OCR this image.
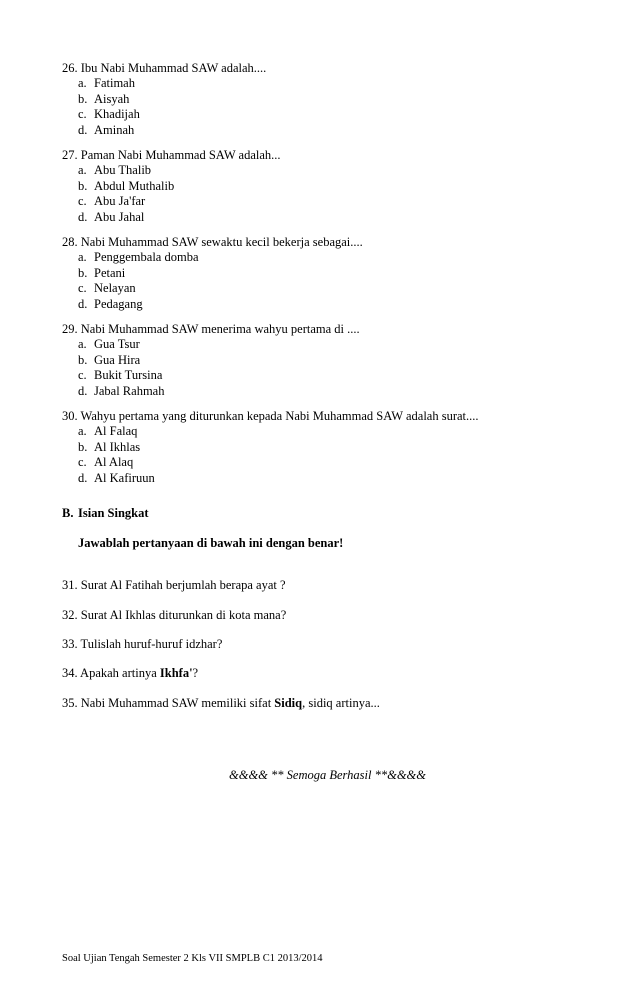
26. Ibu Nabi Muhammad SAW adalah....
a. Fatimah
b. Aisyah
c. Khadijah
d. Aminah
27. Paman Nabi Muhammad SAW adalah...
a. Abu Thalib
b. Abdul Muthalib
c. Abu Ja'far
d. Abu Jahal
28. Nabi Muhammad SAW sewaktu kecil bekerja sebagai....
a. Penggembala domba
b. Petani
c. Nelayan
d. Pedagang
29. Nabi Muhammad SAW menerima wahyu pertama di ....
a. Gua Tsur
b. Gua Hira
c. Bukit Tursina
d. Jabal Rahmah
30. Wahyu pertama yang diturunkan kepada Nabi Muhammad SAW adalah surat....
a. Al Falaq
b. Al Ikhlas
c. Al Alaq
d. Al Kafiruun
B. Isian Singkat
Jawablah pertanyaan di bawah ini dengan benar!
31. Surat Al Fatihah berjumlah berapa ayat ?
32. Surat Al Ikhlas diturunkan di kota mana?
33. Tulislah huruf-huruf idzhar?
34. Apakah artinya Ikhfa'?
35. Nabi Muhammad SAW memiliki sifat Sidiq, sidiq artinya...
&&&& ** Semoga Berhasil **&&&&
Soal Ujian Tengah Semester 2 Kls VII SMPLB C1 2013/2014
